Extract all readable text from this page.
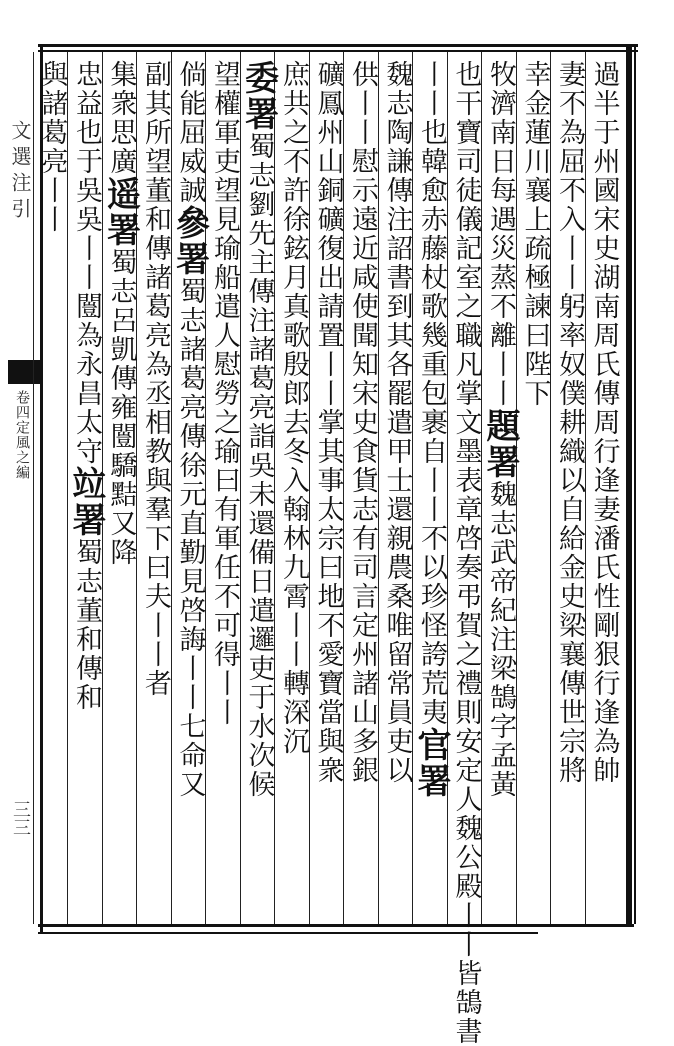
文選注引
卷四定風之編
三三
過半于州國宋史湖南周氏傳周行逢妻潘氏性剛狠行逢為帥
妻不為屈不入丨丨躬率奴僕耕織以自給金史梁襄傳世宗將
幸金蓮川襄上疏極諫曰陛下
牧濟南日每遇災蒸不離丨丨題署魏志武帝紀注梁鵠字孟黃
也干寶司徒儀記室之職凡掌文墨表章啓奏弔賀之禮則安定人魏公殿丨丨皆鵠書
丨丨也韓愈赤藤杖歌幾重包裹自丨丨不以珍怪誇荒夷官署
魏志陶謙傳注詔書到其各罷遣甲士還親農桑唯留常員吏以
供丨丨慰示遠近咸使聞知宋史食貨志有司言定州諸山多銀
礦鳳州山銅礦復出請置丨丨掌其事太宗曰地不愛寶當與衆
庶共之不許徐鉉月真歌殷郎去冬入翰林九霄丨丨轉深沉
委署蜀志劉先主傳注諸葛亮詣吳未還備日遣邏吏于水次候
望權軍吏望見瑜船遣人慰勞之瑜曰有軍任不可得丨丨
倘能屈威誠參署蜀志諸葛亮傳徐元直勤見啓誨丨丨七命又
副其所望董和傳諸葛亮為丞相教與羣下曰夫丨丨者
集衆思廣遥署蜀志呂凱傳雍闓驕黠又降
忠益也于吳吳丨丨闓為永昌太守竝署蜀志董和傳和
與諸葛亮丨丨
